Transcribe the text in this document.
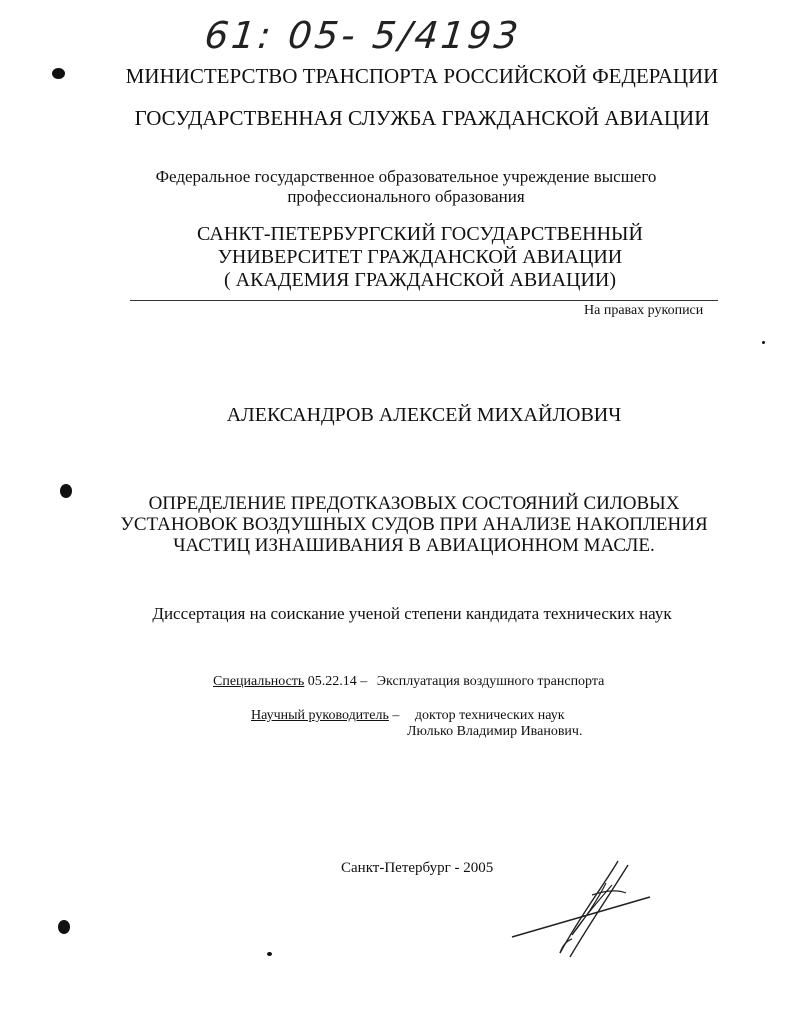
61: 05- 5/4193
МИНИСТЕРСТВО ТРАНСПОРТА РОССИЙСКОЙ ФЕДЕРАЦИИ
ГОСУДАРСТВЕННАЯ СЛУЖБА ГРАЖДАНСКОЙ АВИАЦИИ
Федеральное государственное образовательное учреждение высшего
профессионального образования
САНКТ-ПЕТЕРБУРГСКИЙ ГОСУДАРСТВЕННЫЙ
УНИВЕРСИТЕТ ГРАЖДАНСКОЙ АВИАЦИИ
( АКАДЕМИЯ ГРАЖДАНСКОЙ АВИАЦИИ)
На правах рукописи
АЛЕКСАНДРОВ АЛЕКСЕЙ МИХАЙЛОВИЧ
ОПРЕДЕЛЕНИЕ ПРЕДОТКАЗОВЫХ СОСТОЯНИЙ СИЛОВЫХ
УСТАНОВОК ВОЗДУШНЫХ СУДОВ ПРИ АНАЛИЗЕ НАКОПЛЕНИЯ
ЧАСТИЦ ИЗНАШИВАНИЯ В АВИАЦИОННОМ МАСЛЕ.
Диссертация на соискание ученой степени кандидата технических наук
Специальность 05.22.14 – Эксплуатация воздушного транспорта
Научный руководитель – доктор технических наук
Люлько Владимир Иванович.
Санкт-Петербург - 2005
